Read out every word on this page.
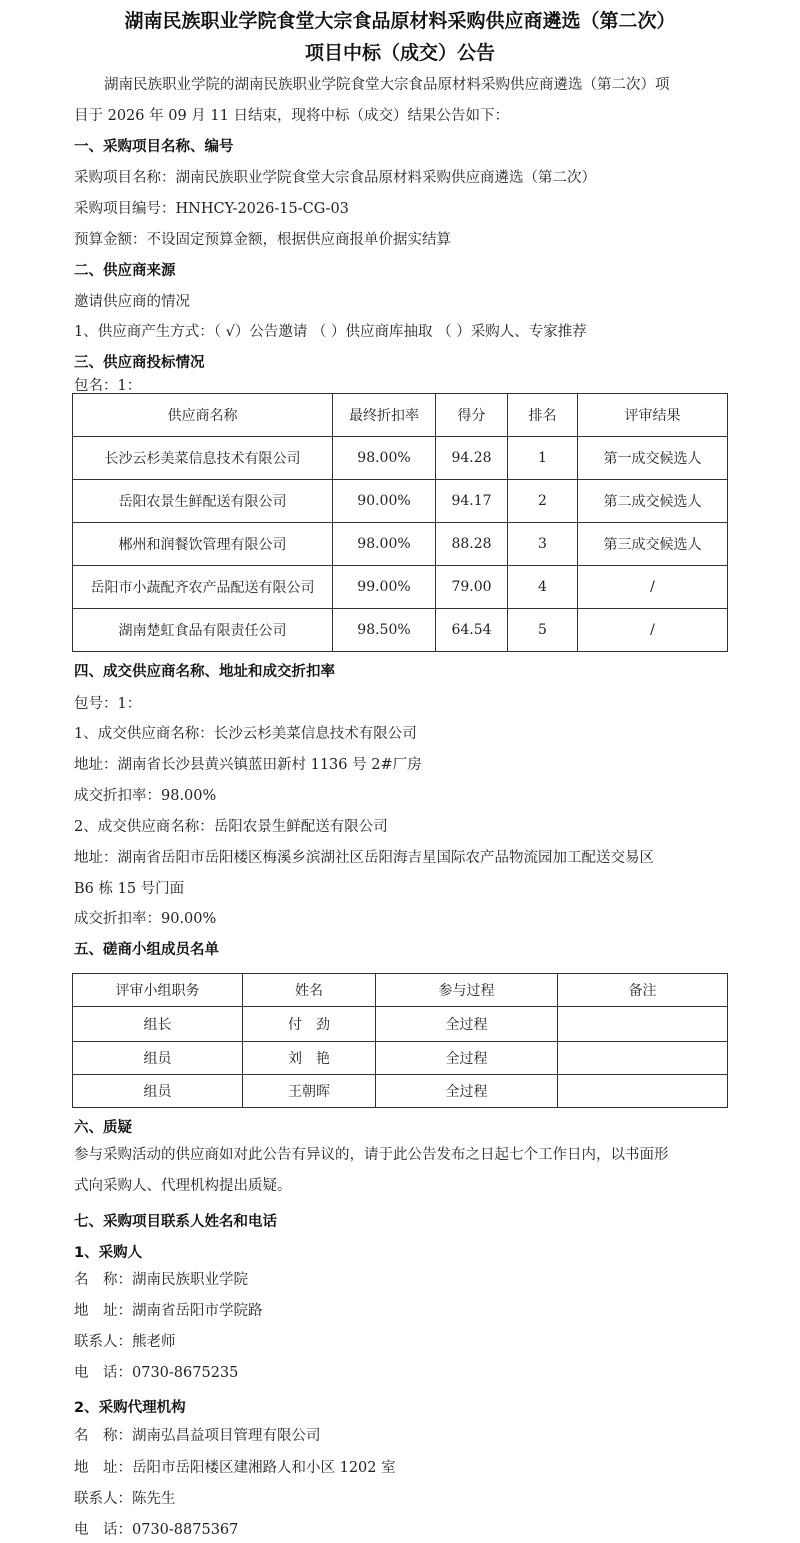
湖南民族职业学院食堂大宗食品原材料采购供应商遴选（第二次）
项目中标（成交）公告
湖南民族职业学院的湖南民族职业学院食堂大宗食品原材料采购供应商遴选（第二次）项
目于 2026 年 09 月 11 日结束，现将中标（成交）结果公告如下：
一、采购项目名称、编号
采购项目名称：湖南民族职业学院食堂大宗食品原材料采购供应商遴选（第二次）
采购项目编号：HNHCY-2026-15-CG-03
预算金额：不设固定预算金额，根据供应商报单价据实结算
二、供应商来源
邀请供应商的情况
1、供应商产生方式：（ √）公告邀请 （ ）供应商库抽取 （ ）采购人、专家推荐
三、供应商投标情况
包名：1：
供应商名称	最终折扣率	得分	排名	评审结果
长沙云杉美菜信息技术有限公司	98.00%	94.28	1	第一成交候选人
岳阳农景生鲜配送有限公司	90.00%	94.17	2	第二成交候选人
郴州和润餐饮管理有限公司	98.00%	88.28	3	第三成交候选人
岳阳市小蔬配齐农产品配送有限公司	99.00%	79.00	4	/
湖南楚虹食品有限责任公司	98.50%	64.54	5	/
四、成交供应商名称、地址和成交折扣率
包号：1：
1、成交供应商名称：长沙云杉美菜信息技术有限公司
地址：湖南省长沙县黄兴镇蓝田新村 1136 号 2#厂房
成交折扣率：98.00%
2、成交供应商名称：岳阳农景生鲜配送有限公司
地址：湖南省岳阳市岳阳楼区梅溪乡滨湖社区岳阳海吉星国际农产品物流园加工配送交易区
B6 栋 15 号门面
成交折扣率：90.00%
五、磋商小组成员名单
评审小组职务	姓名	参与过程	备注
组长	付　劲	全过程	
组员	刘　艳	全过程	
组员	王朝晖	全过程	
六、质疑
参与采购活动的供应商如对此公告有异议的，请于此公告发布之日起七个工作日内，以书面形
式向采购人、代理机构提出质疑。
七、采购项目联系人姓名和电话
1、采购人
名　称：湖南民族职业学院
地　址：湖南省岳阳市学院路
联系人：熊老师
电　话：0730-8675235
2、采购代理机构
名　称：湖南弘昌益项目管理有限公司
地　址：岳阳市岳阳楼区建湘路人和小区 1202 室
联系人：陈先生
电　话：0730-8875367
